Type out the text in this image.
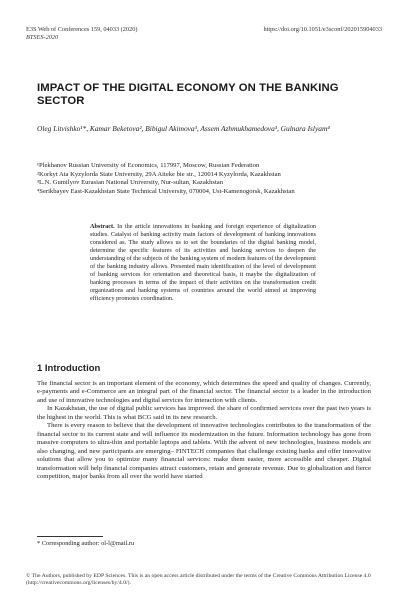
E3S Web of Conferences 159, 04033 (2020)	https://doi.org/10.1051/e3sconf/202015904033
BTSES-2020
IMPACT OF THE DIGITAL ECONOMY ON THE BANKING SECTOR
Oleg Litvishko¹*, Kamar Beketova², Bibigul Akimova³, Assem Azhmukhamedova³, Gulnara Islyam⁴
¹Plekhanov Russian University of Economics, 117997, Moscow, Russian Federation
²Korkyt Ata Kyzylorda State University, 29A Aiteke bie str., 120014 Kyzylorda, Kazakhstan
³L.N. Gumilyov Eurasian National University, Nur-sultan, Kazakhstan
⁴Serikbayev East-Kazakhstan State Technical University, 070004, Ust-Kamenogorsk, Kazakhstan
Abstract. In the article innovations in banking and foreign experience of digitalization studies. Catalyst of banking activity main factors of development of banking innovations considered as. The study allows us to set the boundaries of the digital banking model, determine the specific features of its activities and banking services to deepen the understanding of the subjects of the banking system of modern features of the development of the banking industry allows. Presented main identification of the level of development of banking services for orientation and theoretical basis, it maybe the digitalization of banking processes in terms of the impact of their activities on the transformation credit organizations and banking systems of countries around the world aimed at improving efficiency promotes coordination.
1 Introduction

The financial sector is an important element of the economy, which determines the speed and quality of changes. Currently, e-payments and e-Commerce are an integral part of the financial sector. The financial sector is a leader in the introduction and use of innovative technologies and digital services for interaction with clients.

In Kazakhstan, the use of digital public services has improved. the share of confirmed services over the past two years is the highest in the world. This is what BCG said in its new research.

There is every reason to believe that the development of innovative technologies contributes to the transformation of the financial sector to its current state and will influence its modernization in the future. Information technology has gone from massive computers to ultra-thin and portable laptops and tablets. With the advent of new technologies, business models are also changing, and new participants are emerging– FINTECH companies that challenge existing banks and offer innovative solutions that allow you to optimize many financial services: make them easier, more accessible and cheaper. Digital transformation will help financial companies attract customers, retain and generate revenue. Due to globalization and fierce competition, major banks from all over the world have started

* Corresponding author: ol-l@mail.ru
© The Authors, published by EDP Sciences. This is an open access article distributed under the terms of the Creative Commons Attribution License 4.0 (http://creativecommons.org/licenses/by/4.0/).
